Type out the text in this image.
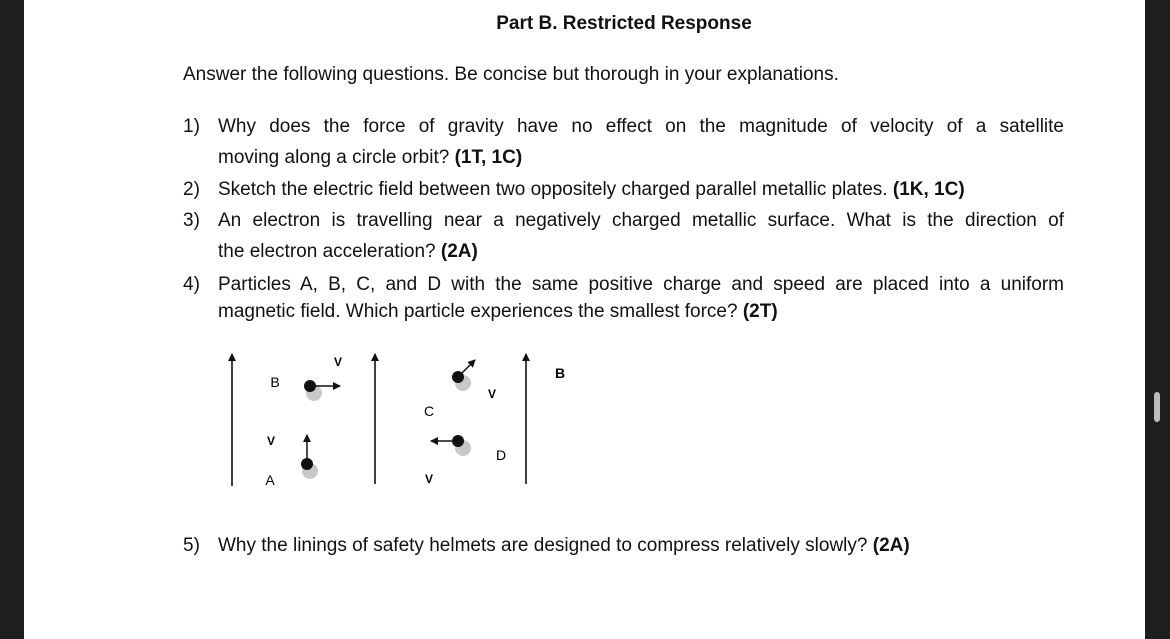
Part B. Restricted Response
Answer the following questions. Be concise but thorough in your explanations.
1) Why does the force of gravity have no effect on the magnitude of velocity of a satellite
moving along a circle orbit? (1T, 1C)
2) Sketch the electric field between two oppositely charged parallel metallic plates. (1K, 1C)
3) An electron is travelling near a negatively charged metallic surface. What is the direction of
the electron acceleration? (2A)
4) Particles A, B, C, and D with the same positive charge and speed are placed into a uniform
magnetic field. Which particle experiences the smallest force? (2T)
B
B
V
A
V
C
V
D
V
5) Why the linings of safety helmets are designed to compress relatively slowly? (2A)
